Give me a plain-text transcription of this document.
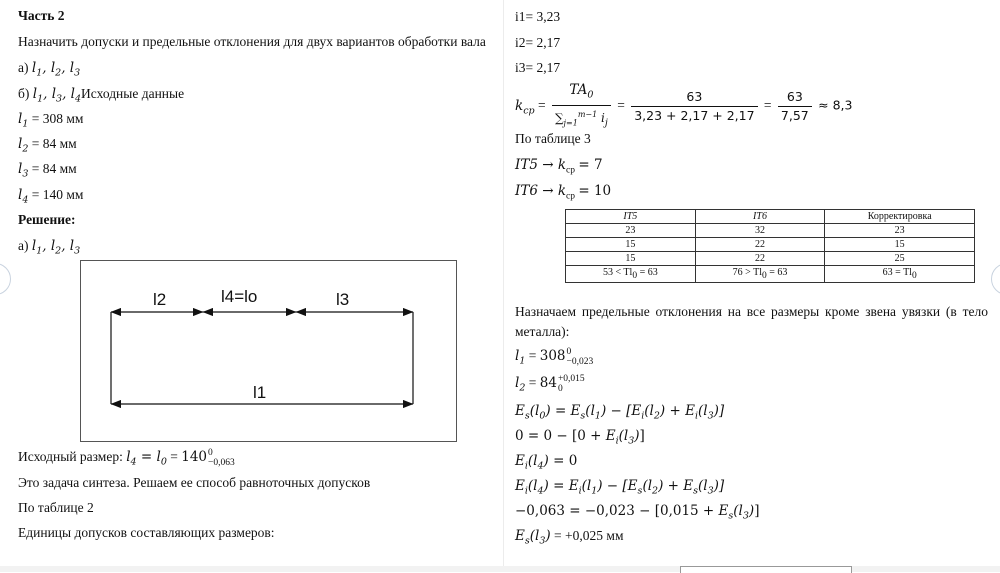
Часть 2
Назначить допуски и предельные отклонения для двух вариантов обработки вала
а) $l_1$, $l_2$, $l_3$
б) $l_1$, $l_3$, $l_4Исходные$ данные
$l_1 = 308$ мм
$l_2 = 84$ мм
$l_3 = 84$ мм
$l_4 = 140$ мм
Решение:
а) $l_1$, $l_2$, $l_3$
l2	l4=lo	l3
l1
Исходный размер: $l_4 = l_0 = 140$ 0
−0,063
Это задача синтеза. Решаем ее способ равноточных допусков
По таблице 2
Единицы допусков составляющих размеров:
i1= 3,23
i2= 2,17
i3= 2,17
$k_{cp} = \frac{TA_0}{\sum_{j=1}^{m-1} i_j} = \frac{63}{3,23 + 2,17 + 2,17} = \frac{63}{7,57} \approx 8,3$
По таблице 3
$IT5 \to k_{ср} = 7$
$IT6 \to k_{ср} = 10$
IT5	IT6	Корректировка
23	32	23
15	22	15
15	22	25
$53 < Tl_0 = 63$	$76 > Tl_0 = 63$	$63 = Tl_0$
Назначаем предельные отклонения на все размеры кроме звена увязки (в тело металла):
$l_1 = 308$ 0
−0,023
$l_2 = 84 +0,015$
0
$E_s(l_0) = E_s(l_1) - [E_i(l_2) + E_i(l_3)]$
$0 = 0 - [0 + E_i(l_3)]$
$E_i(l_4) = 0$
$E_i(l_4) = E_i(l_1) - [E_s(l_2) + E_s(l_3)]$
$-0,063 = -0,023 - [0,015 + E_s(l_3)]$
$E_s(l_3) = +0,025$ мм
